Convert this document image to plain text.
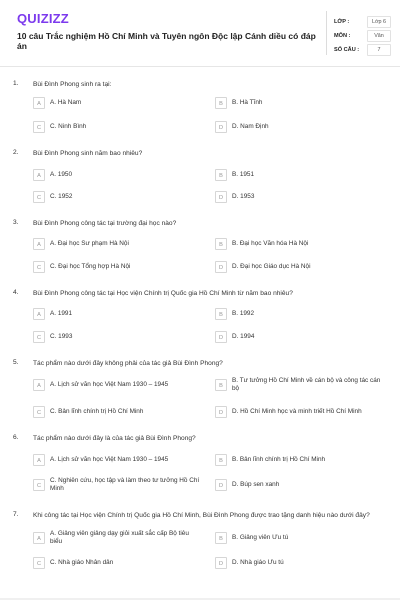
QUIZIZZ
10 câu Trắc nghiệm Hồ Chí Minh và Tuyên ngôn Độc lập Cánh diều có đáp án
LỚP :	Lớp 6
MÔN :	Văn
SỐ CÂU :	7
1. Bùi Đình Phong sinh ra tại:
A	A. Hà Nam	B	B. Hà Tĩnh
C	C. Ninh Bình	D	D. Nam Định
2. Bùi Đình Phong sinh năm bao nhiêu?
A	A. 1950	B	B. 1951
C	C. 1952	D	D. 1953
3. Bùi Đình Phong công tác tại trường đại học nào?
A	A. Đại học Sư phạm Hà Nội	B	B. Đại học Văn hóa Hà Nội
C	C. Đại học Tổng hợp Hà Nội	D	D. Đại học Giáo dục Hà Nội
4. Bùi Đình Phong công tác tại Học viện Chính trị Quốc gia Hồ Chí Minh từ năm bao nhiêu?
A	A. 1991	B	B. 1992
C	C. 1993	D	D. 1994
5. Tác phẩm nào dưới đây không phải của tác giả Bùi Đình Phong?
A	A. Lịch sử văn học Việt Nam 1930 – 1945	B
B. Tư tưởng Hồ Chí Minh về cán bộ và công tác cán bộ
C	C. Bản lĩnh chính trị Hồ Chí Minh	D	D. Hồ Chí Minh học và minh triết Hồ Chí Minh
6. Tác phẩm nào dưới đây là của tác giả Bùi Đình Phong?
A	A. Lịch sử văn học Việt Nam 1930 – 1945	B	B. Bản lĩnh chính trị Hồ Chí Minh
C
C. Nghiên cứu, học tập và làm theo tư tưởng Hồ Chí Minh	D	D. Búp sen xanh
7. Khi công tác tại Học viện Chính trị Quốc gia Hồ Chí Minh, Bùi Đình Phong được trao tặng danh hiệu nào dưới đây?
A
A. Giảng viên giảng dạy giỏi xuất sắc cấp Bộ tiêu biểu	B	B. Giảng viên Ưu tú
C	C. Nhà giáo Nhân dân	D	D. Nhà giáo Ưu tú
